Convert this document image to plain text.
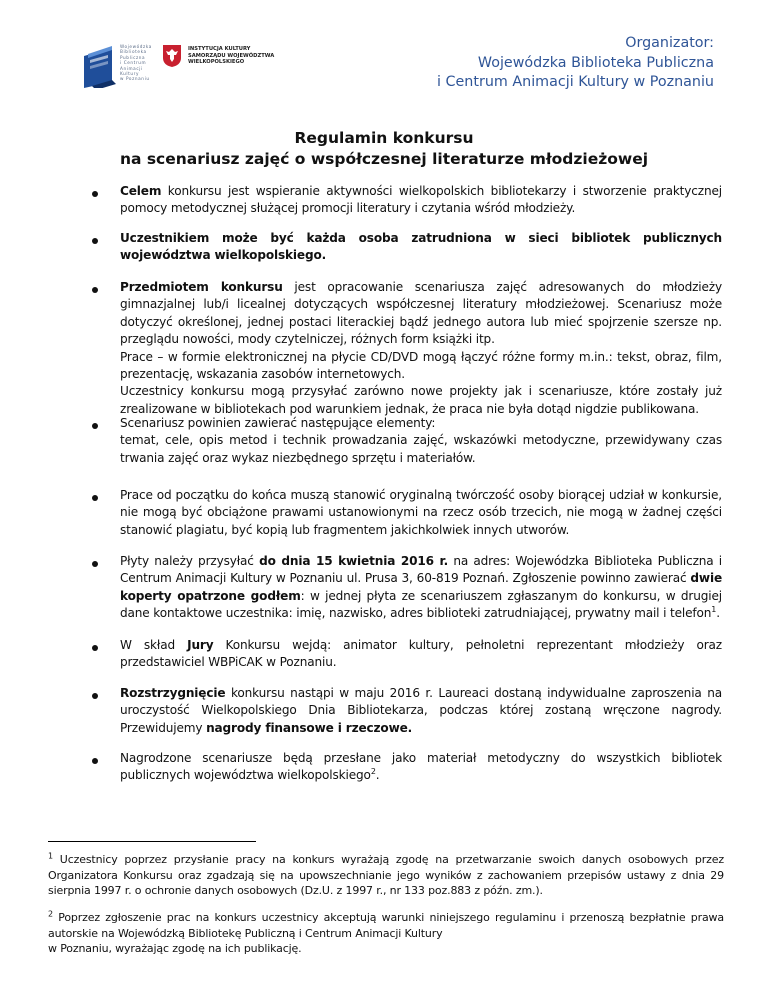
Wojewódzka
Biblioteka
Publiczna
i Centrum
Animacji
Kultury
w Poznaniu
INSTYTUCJA KULTURY
SAMORZĄDU WOJEWÓDZTWA
WIELKOPOLSKIEGO
Organizator:
Wojewódzka Biblioteka Publiczna
i Centrum Animacji Kultury w Poznaniu
Regulamin konkursu
na scenariusz zajęć o współczesnej literaturze młodzieżowej

Celem konkursu jest wspieranie aktywności wielkopolskich bibliotekarzy i stworzenie praktycznej pomocy metodycznej służącej promocji literatury i czytania wśród młodzieży.

Uczestnikiem może być każda osoba zatrudniona w sieci bibliotek publicznych województwa wielkopolskiego.

Przedmiotem konkursu jest opracowanie scenariusza zajęć adresowanych do młodzieży gimnazjalnej lub/i licealnej dotyczących współczesnej literatury młodzieżowej. Scenariusz może dotyczyć określonej, jednej postaci literackiej bądź jednego autora lub mieć spojrzenie szersze np. przeglądu nowości, mody czytelniczej, różnych form książki itp.

Prace – w formie elektronicznej na płycie CD/DVD mogą łączyć różne formy m.in.: tekst, obraz, film, prezentację, wskazania zasobów internetowych.

Uczestnicy konkursu mogą przysyłać zarówno nowe projekty jak i scenariusze, które zostały już zrealizowane w bibliotekach pod warunkiem jednak, że praca nie była dotąd nigdzie publikowana.

Scenariusz powinien zawierać następujące elementy:

temat, cele, opis metod i technik prowadzania zajęć, wskazówki metodyczne, przewidywany czas trwania zajęć oraz wykaz niezbędnego sprzętu i materiałów.

Prace od początku do końca muszą stanowić oryginalną twórczość osoby biorącej udział w konkursie, nie mogą być obciążone prawami ustanowionymi na rzecz osób trzecich, nie mogą w żadnej części stanowić plagiatu, być kopią lub fragmentem jakichkolwiek innych utworów.

Płyty należy przysyłać do dnia 15 kwietnia 2016 r. na adres: Wojewódzka Biblioteka Publiczna i Centrum Animacji Kultury w Poznaniu ul. Prusa 3, 60-819 Poznań. Zgłoszenie powinno zawierać dwie koperty opatrzone godłem: w jednej płyta ze scenariuszem zgłaszanym do konkursu, w drugiej dane kontaktowe uczestnika: imię, nazwisko, adres biblioteki zatrudniającej, prywatny mail i telefon$^1$.

W skład Jury Konkursu wejdą: animator kultury, pełnoletni reprezentant młodzieży oraz przedstawiciel WBPiCAK w Poznaniu.

Rozstrzygnięcie konkursu nastąpi w maju 2016 r. Laureaci dostaną indywidualne zaproszenia na uroczystość Wielkopolskiego Dnia Bibliotekarza, podczas której zostaną wręczone nagrody. Przewidujemy nagrody finansowe i rzeczowe.

Nagrodzone scenariusze będą przesłane jako materiał metodyczny do wszystkich bibliotek publicznych województwa wielkopolskiego$^2$.

$^1$ Uczestnicy poprzez przysłanie pracy na konkurs wyrażają zgodę na przetwarzanie swoich danych osobowych przez Organizatora Konkursu oraz zgadzają się na upowszechnianie jego wyników z zachowaniem przepisów ustawy z dnia 29 sierpnia 1997 r. o ochronie danych osobowych (Dz.U. z 1997 r., nr 133 poz.883 z późn. zm.).

$^2$ Poprzez zgłoszenie prac na konkurs uczestnicy akceptują warunki niniejszego regulaminu i przenoszą bezpłatnie prawa autorskie na Wojewódzką Bibliotekę Publiczną i Centrum Animacji Kultury

w Poznaniu, wyrażając zgodę na ich publikację.
